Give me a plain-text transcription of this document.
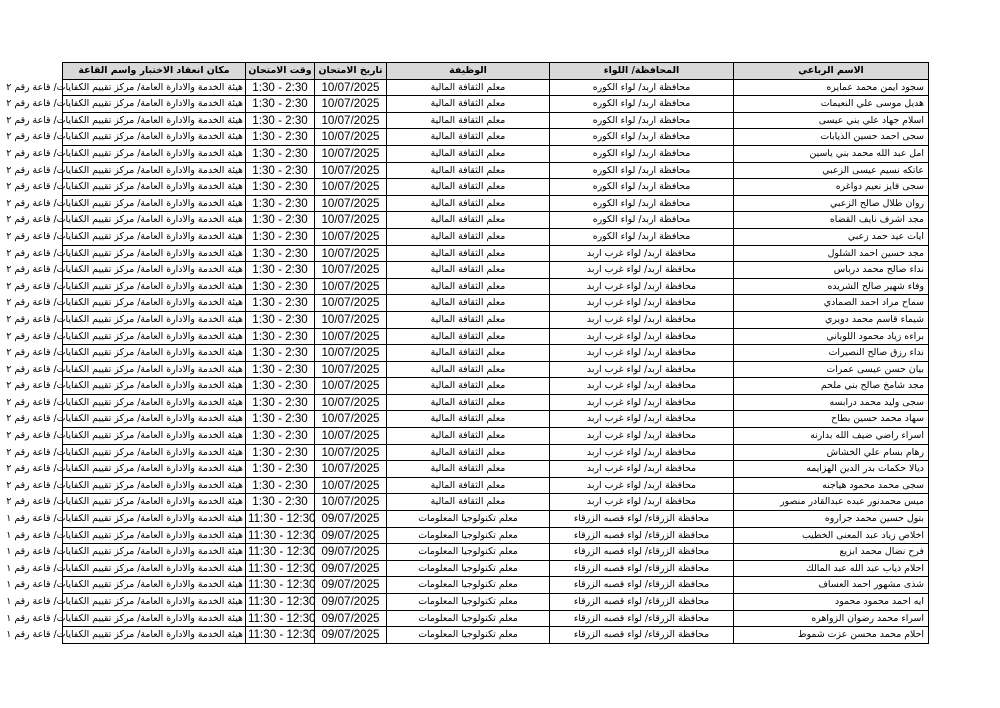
الاسم الرباعي	المحافظة/ اللواء	الوظيفة	تاريخ الامتحان	وقت الامتحان	مكان انعقاد الاختبار واسم القاعة
سجود ايمن محمد عمايره	محافظة اربد/ لواء الكوره	معلم الثقافة المالية	10/07/2025	1:30 - 2:30	هيئة الخدمة والادارة العامة/ مركز تقييم الكفايات/ قاعة رقم ٢
هديل موسى علي النعيمات	محافظة اربد/ لواء الكوره	معلم الثقافة المالية	10/07/2025	1:30 - 2:30	هيئة الخدمة والادارة العامة/ مركز تقييم الكفايات/ قاعة رقم ٢
اسلام جهاد علي بني عيسى	محافظة اربد/ لواء الكوره	معلم الثقافة المالية	10/07/2025	1:30 - 2:30	هيئة الخدمة والادارة العامة/ مركز تقييم الكفايات/ قاعة رقم ٢
سجى احمد حسين الذيابات	محافظة اربد/ لواء الكوره	معلم الثقافة المالية	10/07/2025	1:30 - 2:30	هيئة الخدمة والادارة العامة/ مركز تقييم الكفايات/ قاعة رقم ٢
امل عبد الله محمد بني ياسين	محافظة اربد/ لواء الكوره	معلم الثقافة المالية	10/07/2025	1:30 - 2:30	هيئة الخدمة والادارة العامة/ مركز تقييم الكفايات/ قاعة رقم ٢
عاتكه نسيم عيسى الزعبي	محافظة اربد/ لواء الكوره	معلم الثقافة المالية	10/07/2025	1:30 - 2:30	هيئة الخدمة والادارة العامة/ مركز تقييم الكفايات/ قاعة رقم ٢
سجى فايز نعيم دواغره	محافظة اربد/ لواء الكوره	معلم الثقافة المالية	10/07/2025	1:30 - 2:30	هيئة الخدمة والادارة العامة/ مركز تقييم الكفايات/ قاعة رقم ٢
روان طلال صالح الزعبي	محافظة اربد/ لواء الكوره	معلم الثقافة المالية	10/07/2025	1:30 - 2:30	هيئة الخدمة والادارة العامة/ مركز تقييم الكفايات/ قاعة رقم ٢
مجد اشرف نايف القضاه	محافظة اربد/ لواء الكوره	معلم الثقافة المالية	10/07/2025	1:30 - 2:30	هيئة الخدمة والادارة العامة/ مركز تقييم الكفايات/ قاعة رقم ٢
ايات عيد حمد زعبي	محافظة اربد/ لواء الكوره	معلم الثقافة المالية	10/07/2025	1:30 - 2:30	هيئة الخدمة والادارة العامة/ مركز تقييم الكفايات/ قاعة رقم ٢
مجد حسين احمد الشلول	محافظة اربد/ لواء غرب اربد	معلم الثقافة المالية	10/07/2025	1:30 - 2:30	هيئة الخدمة والادارة العامة/ مركز تقييم الكفايات/ قاعة رقم ٢
نداء صالح محمد درباس	محافظة اربد/ لواء غرب اربد	معلم الثقافة المالية	10/07/2025	1:30 - 2:30	هيئة الخدمة والادارة العامة/ مركز تقييم الكفايات/ قاعة رقم ٢
وفاء شهير صالح الشريده	محافظة اربد/ لواء غرب اربد	معلم الثقافة المالية	10/07/2025	1:30 - 2:30	هيئة الخدمة والادارة العامة/ مركز تقييم الكفايات/ قاعة رقم ٢
سماح مراد احمد الصمادي	محافظة اربد/ لواء غرب اربد	معلم الثقافة المالية	10/07/2025	1:30 - 2:30	هيئة الخدمة والادارة العامة/ مركز تقييم الكفايات/ قاعة رقم ٢
شيماء قاسم محمد دويري	محافظة اربد/ لواء غرب اربد	معلم الثقافة المالية	10/07/2025	1:30 - 2:30	هيئة الخدمة والادارة العامة/ مركز تقييم الكفايات/ قاعة رقم ٢
براءه زياد محمود اللوباني	محافظة اربد/ لواء غرب اربد	معلم الثقافة المالية	10/07/2025	1:30 - 2:30	هيئة الخدمة والادارة العامة/ مركز تقييم الكفايات/ قاعة رقم ٢
نداء رزق صالح النصيرات	محافظة اربد/ لواء غرب اربد	معلم الثقافة المالية	10/07/2025	1:30 - 2:30	هيئة الخدمة والادارة العامة/ مركز تقييم الكفايات/ قاعة رقم ٢
بيان حسن عيسى عمرات	محافظة اربد/ لواء غرب اربد	معلم الثقافة المالية	10/07/2025	1:30 - 2:30	هيئة الخدمة والادارة العامة/ مركز تقييم الكفايات/ قاعة رقم ٢
مجد شامخ صالح بني ملحم	محافظة اربد/ لواء غرب اربد	معلم الثقافة المالية	10/07/2025	1:30 - 2:30	هيئة الخدمة والادارة العامة/ مركز تقييم الكفايات/ قاعة رقم ٢
سجى وليد محمد درابسه	محافظة اربد/ لواء غرب اربد	معلم الثقافة المالية	10/07/2025	1:30 - 2:30	هيئة الخدمة والادارة العامة/ مركز تقييم الكفايات/ قاعة رقم ٢
سهاد محمد حسين بطاح	محافظة اربد/ لواء غرب اربد	معلم الثقافة المالية	10/07/2025	1:30 - 2:30	هيئة الخدمة والادارة العامة/ مركز تقييم الكفايات/ قاعة رقم ٢
اسراء راضي ضيف الله بدارنه	محافظة اربد/ لواء غرب اربد	معلم الثقافة المالية	10/07/2025	1:30 - 2:30	هيئة الخدمة والادارة العامة/ مركز تقييم الكفايات/ قاعة رقم ٢
رهام بسام علي الخشاش	محافظة اربد/ لواء غرب اربد	معلم الثقافة المالية	10/07/2025	1:30 - 2:30	هيئة الخدمة والادارة العامة/ مركز تقييم الكفايات/ قاعة رقم ٢
ديالا حكمات بدر الدين الهزايمه	محافظة اربد/ لواء غرب اربد	معلم الثقافة المالية	10/07/2025	1:30 - 2:30	هيئة الخدمة والادارة العامة/ مركز تقييم الكفايات/ قاعة رقم ٢
سجى محمد محمود هياجنه	محافظة اربد/ لواء غرب اربد	معلم الثقافة المالية	10/07/2025	1:30 - 2:30	هيئة الخدمة والادارة العامة/ مركز تقييم الكفايات/ قاعة رقم ٢
ميس محمدنور عبده عبدالقادر منصور	محافظة اربد/ لواء غرب اربد	معلم الثقافة المالية	10/07/2025	1:30 - 2:30	هيئة الخدمة والادارة العامة/ مركز تقييم الكفايات/ قاعة رقم ٢
بتول حسين محمد جراروه	محافظة الزرقاء/ لواء قصبه الزرقاء	معلم تكنولوجيا المعلومات	09/07/2025	11:30 - 12:30	هيئة الخدمة والادارة العامة/ مركز تقييم الكفايات/ قاعة رقم ١
اخلاص زياد عبد المعنى الخطيب	محافظة الزرقاء/ لواء قصبه الزرقاء	معلم تكنولوجيا المعلومات	09/07/2025	11:30 - 12:30	هيئة الخدمة والادارة العامة/ مركز تقييم الكفايات/ قاعة رقم ١
فرح نضال محمد ابزيع	محافظة الزرقاء/ لواء قصبه الزرقاء	معلم تكنولوجيا المعلومات	09/07/2025	11:30 - 12:30	هيئة الخدمة والادارة العامة/ مركز تقييم الكفايات/ قاعة رقم ١
احلام ذياب عبد الله عبد المالك	محافظة الزرقاء/ لواء قصبه الزرقاء	معلم تكنولوجيا المعلومات	09/07/2025	11:30 - 12:30	هيئة الخدمة والادارة العامة/ مركز تقييم الكفايات/ قاعة رقم ١
شذى مشهور احمد العساف	محافظة الزرقاء/ لواء قصبه الزرقاء	معلم تكنولوجيا المعلومات	09/07/2025	11:30 - 12:30	هيئة الخدمة والادارة العامة/ مركز تقييم الكفايات/ قاعة رقم ١
ايه احمد محمود محمود	محافظة الزرقاء/ لواء قصبه الزرقاء	معلم تكنولوجيا المعلومات	09/07/2025	11:30 - 12:30	هيئة الخدمة والادارة العامة/ مركز تقييم الكفايات/ قاعة رقم ١
اسراء محمد رضوان الزواهره	محافظة الزرقاء/ لواء قصبه الزرقاء	معلم تكنولوجيا المعلومات	09/07/2025	11:30 - 12:30	هيئة الخدمة والادارة العامة/ مركز تقييم الكفايات/ قاعة رقم ١
احلام محمد محسن عزت شموط	محافظة الزرقاء/ لواء قصبه الزرقاء	معلم تكنولوجيا المعلومات	09/07/2025	11:30 - 12:30	هيئة الخدمة والادارة العامة/ مركز تقييم الكفايات/ قاعة رقم ١
